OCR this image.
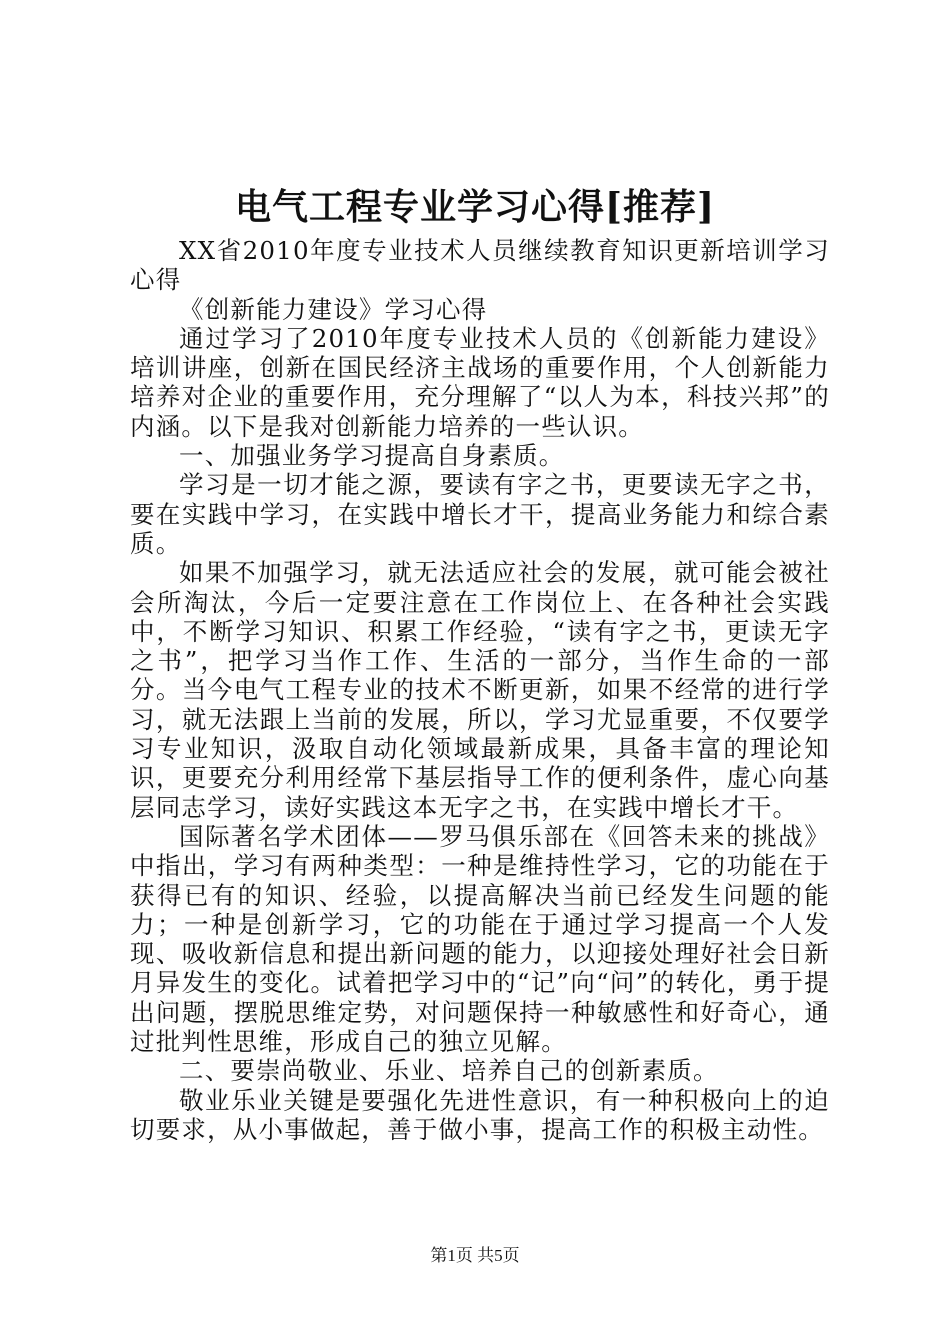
电气工程专业学习心得[推荐]

XX省2010年度专业技术人员继续教育知识更新培训学习心得

《创新能力建设》学习心得

通过学习了2010年度专业技术人员的《创新能力建设》培训讲座，创新在国民经济主战场的重要作用，个人创新能力培养对企业的重要作用，充分理解了“以人为本，科技兴邦”的内涵。以下是我对创新能力培养的一些认识。

一、加强业务学习提高自身素质。

学习是一切才能之源，要读有字之书，更要读无字之书，要在实践中学习，在实践中增长才干，提高业务能力和综合素质。

如果不加强学习，就无法适应社会的发展，就可能会被社会所淘汰，今后一定要注意在工作岗位上、在各种社会实践中，不断学习知识、积累工作经验，“读有字之书，更读无字之书”，把学习当作工作、生活的一部分，当作生命的一部分。当今电气工程专业的技术不断更新，如果不经常的进行学习，就无法跟上当前的发展，所以，学习尤显重要，不仅要学习专业知识，汲取自动化领域最新成果，具备丰富的理论知识，更要充分利用经常下基层指导工作的便利条件，虚心向基层同志学习，读好实践这本无字之书，在实践中增长才干。

国际著名学术团体——罗马俱乐部在《回答未来的挑战》中指出，学习有两种类型：一种是维持性学习，它的功能在于获得已有的知识、经验，以提高解决当前已经发生问题的能力；一种是创新学习，它的功能在于通过学习提高一个人发现、吸收新信息和提出新问题的能力，以迎接处理好社会日新月异发生的变化。试着把学习中的“记”向“问”的转化，勇于提出问题，摆脱思维定势，对问题保持一种敏感性和好奇心，通过批判性思维，形成自己的独立见解。

二、要崇尚敬业、乐业、培养自己的创新素质。

敬业乐业关键是要强化先进性意识，有一种积极向上的迫切要求，从小事做起，善于做小事，提高工作的积极主动性。

第1页 共5页
